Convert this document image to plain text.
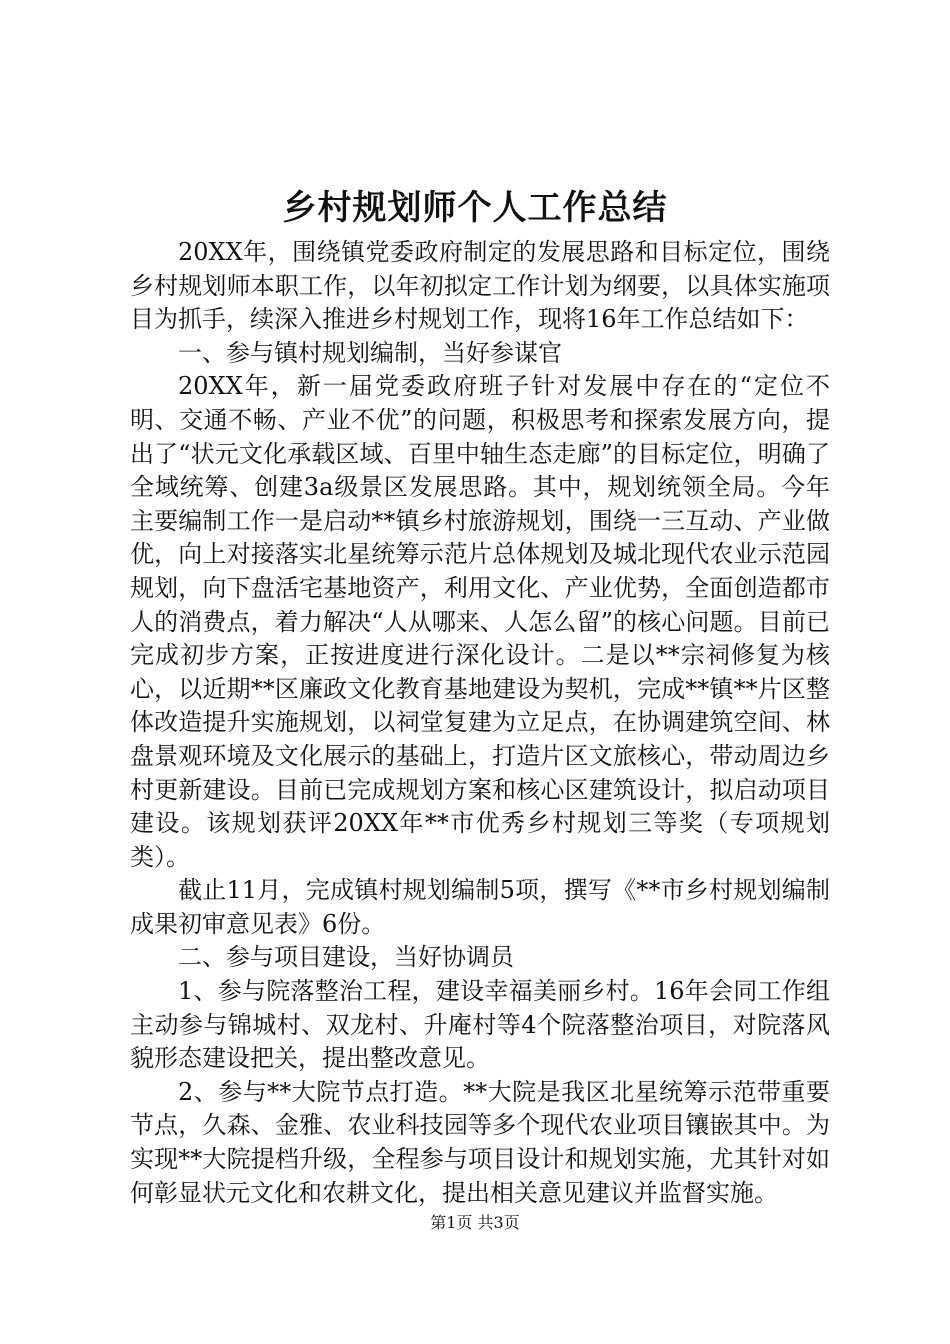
乡村规划师个人工作总结

20XX年，围绕镇党委政府制定的发展思路和目标定位，围绕乡村规划师本职工作，以年初拟定工作计划为纲要，以具体实施项目为抓手，续深入推进乡村规划工作，现将16年工作总结如下：

一、参与镇村规划编制，当好参谋官

20XX年，新一届党委政府班子针对发展中存在的“定位不明、交通不畅、产业不优”的问题，积极思考和探索发展方向，提出了“状元文化承载区域、百里中轴生态走廊”的目标定位，明确了全域统筹、创建3a级景区发展思路。其中，规划统领全局。今年主要编制工作一是启动**镇乡村旅游规划，围绕一三互动、产业做优，向上对接落实北星统筹示范片总体规划及城北现代农业示范园规划，向下盘活宅基地资产，利用文化、产业优势，全面创造都市人的消费点，着力解决“人从哪来、人怎么留”的核心问题。目前已完成初步方案，正按进度进行深化设计。二是以**宗祠修复为核心，以近期**区廉政文化教育基地建设为契机，完成**镇**片区整体改造提升实施规划，以祠堂复建为立足点，在协调建筑空间、林盘景观环境及文化展示的基础上，打造片区文旅核心，带动周边乡村更新建设。目前已完成规划方案和核心区建筑设计，拟启动项目建设。该规划获评20XX年**市优秀乡村规划三等奖（专项规划类）。

截止11月，完成镇村规划编制5项，撰写《**市乡村规划编制成果初审意见表》6份。

二、参与项目建设，当好协调员

1、参与院落整治工程，建设幸福美丽乡村。16年会同工作组主动参与锦城村、双龙村、升庵村等4个院落整治项目，对院落风貌形态建设把关，提出整改意见。

2、参与**大院节点打造。**大院是我区北星统筹示范带重要节点，久森、金雅、农业科技园等多个现代农业项目镶嵌其中。为实现**大院提档升级，全程参与项目设计和规划实施，尤其针对如何彰显状元文化和农耕文化，提出相关意见建议并监督实施。

第1页 共3页
